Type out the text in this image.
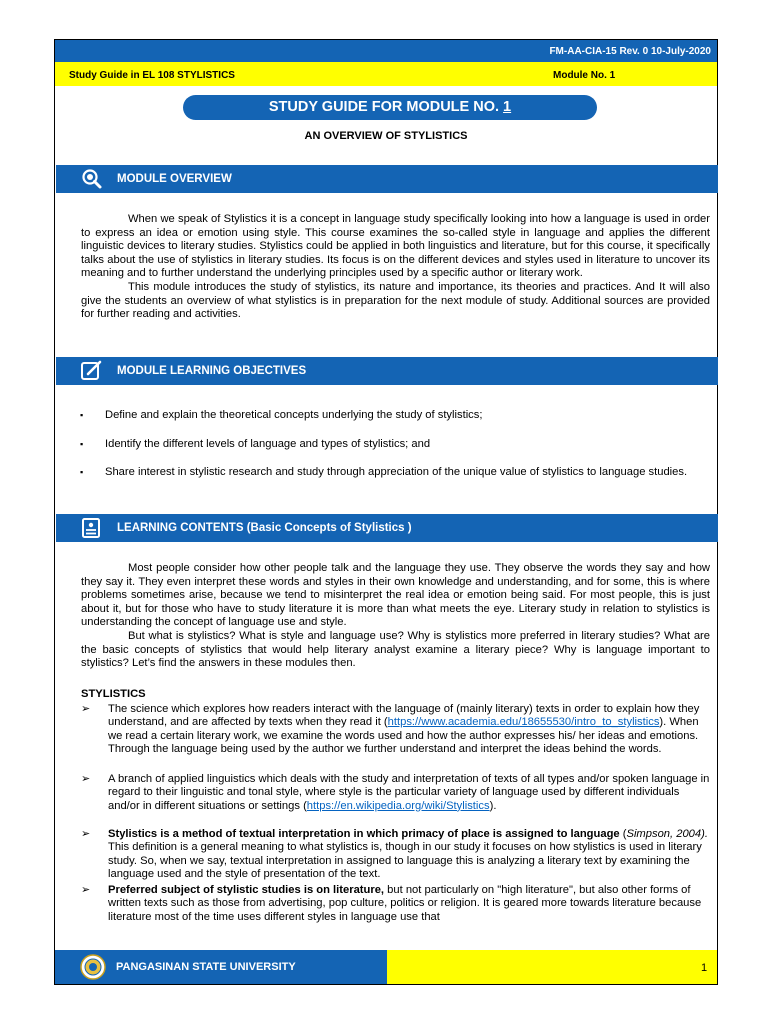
FM-AA-CIA-15 Rev. 0 10-July-2020
Study Guide in EL 108 STYLISTICS	Module No. 1
STUDY GUIDE FOR MODULE NO. 1
AN OVERVIEW OF STYLISTICS
MODULE OVERVIEW

When we speak of Stylistics it is a concept in language study specifically looking into how a language is used in order to express an idea or emotion using style. This course examines the so-called style in language and applies the different linguistic devices to literary studies. Stylistics could be applied in both linguistics and literature, but for this course, it specifically talks about the use of stylistics in literary studies. Its focus is on the different devices and styles used in literature to uncover its meaning and to further understand the underlying principles used by a specific author or literary work.

This module introduces the study of stylistics, its nature and importance, its theories and practices. And It will also give the students an overview of what stylistics is in preparation for the next module of study. Additional sources are provided for further reading and activities.

MODULE LEARNING OBJECTIVES
▪ Define and explain the theoretical concepts underlying the study of stylistics;
▪ Identify the different levels of language and types of stylistics; and
▪ Share interest in stylistic research and study through appreciation of the unique value of stylistics to language studies.
LEARNING CONTENTS (Basic Concepts of Stylistics )

Most people consider how other people talk and the language they use. They observe the words they say and how they say it. They even interpret these words and styles in their own knowledge and understanding, and for some, this is where problems sometimes arise, because we tend to misinterpret the real idea or emotion being said. For most people, this is just about it, but for those who have to study literature it is more than what meets the eye. Literary study in relation to stylistics is understanding the concept of language use and style.

But what is stylistics? What is style and language use? Why is stylistics more preferred in literary studies? What are the basic concepts of stylistics that would help literary analyst examine a literary piece? Why is language important to stylistics? Let’s find the answers in these modules then.

STYLISTICS
➢ The science which explores how readers interact with the language of (mainly literary) texts in order to explain how they understand, and are affected by texts when they read it (https://www.academia.edu/18655530/intro_to_stylistics). When we read a certain literary work, we examine the words used and how the author expresses his/ her ideas and emotions. Through the language being used by the author we further understand and interpret the ideas behind the words.
➢ A branch of applied linguistics which deals with the study and interpretation of texts of all types and/or spoken language in regard to their linguistic and tonal style, where style is the particular variety of language used by different individuals and/or in different situations or settings (https://en.wikipedia.org/wiki/Stylistics).
➢ Stylistics is a method of textual interpretation in which primacy of place is assigned to language (Simpson, 2004). This definition is a general meaning to what stylistics is, though in our study it focuses on how stylistics is used in literary study. So, when we say, textual interpretation in assigned to language this is analyzing a literary text by examining the language used and the style of presentation of the text.
➢ Preferred subject of stylistic studies is on literature, but not particularly on "high literature", but also other forms of written texts such as those from advertising, pop culture, politics or religion. It is geared more towards literature because literature most of the time uses different styles in language use that
PANGASINAN STATE UNIVERSITY	1
